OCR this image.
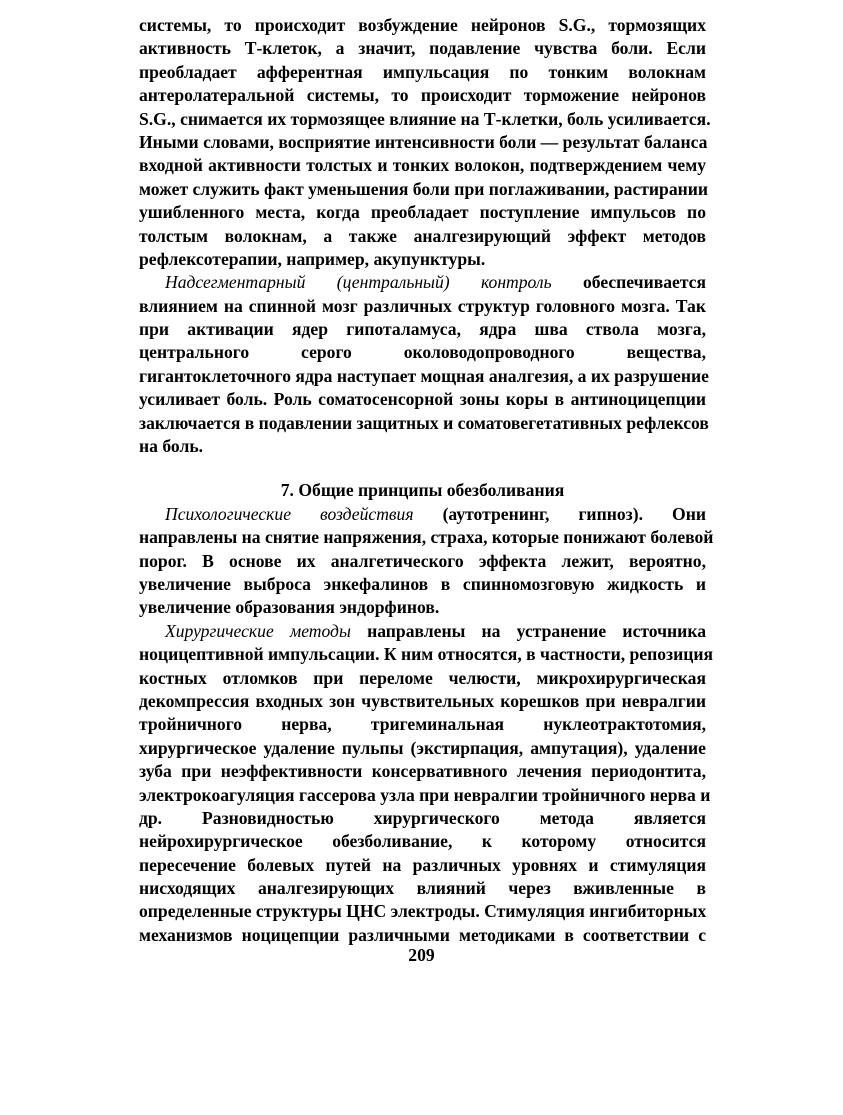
системы, то происходит возбуждение нейронов S.G., тормозящих
активность Т-клеток, а значит, подавление чувства боли. Если
преобладает афферентная импульсация по тонким волокнам
антеролатеральной системы, то происходит торможение нейронов
S.G., снимается их тормозящее влияние на Т-клетки, боль усиливается.
Иными словами, восприятие интенсивности боли — результат баланса
входной активности толстых и тонких волокон, подтверждением чему
может служить факт уменьшения боли при поглаживании, растирании
ушибленного места, когда преобладает поступление импульсов по
толстым волокнам, а также аналгезирующий эффект методов
рефлексотерапии, например, акупунктуры.
Надсегментарный (центральный) контроль обеспечивается
влиянием на спинной мозг различных структур головного мозга. Так
при активации ядер гипоталамуса, ядра шва ствола мозга,
центрального серого околоводопроводного вещества,
гигантоклеточного ядра наступает мощная аналгезия, а их разрушение
усиливает боль. Роль соматосенсорной зоны коры в антиноцицепции
заключается в подавлении защитных и соматовегетативных рефлексов
на боль.
7. Общие принципы обезболивания
Психологические воздействия (аутотренинг, гипноз). Они
направлены на снятие напряжения, страха, которые понижают болевой
порог. В основе их аналгетического эффекта лежит, вероятно,
увеличение выброса энкефалинов в спинномозговую жидкость и
увеличение образования эндорфинов.
Хирургические методы направлены на устранение источника
ноцицептивной импульсации. К ним относятся, в частности, репозиция
костных отломков при переломе челюсти, микрохирургическая
декомпрессия входных зон чувствительных корешков при невралгии
тройничного нерва, тригеминальная нуклеотрактотомия,
хирургическое удаление пульпы (экстирпация, ампутация), удаление
зуба при неэффективности консервативного лечения периодонтита,
электрокоагуляция гассерова узла при невралгии тройничного нерва и
др. Разновидностью хирургического метода является
нейрохирургическое обезболивание, к которому относится
пересечение болевых путей на различных уровнях и стимуляция
нисходящих аналгезирующих влияний через вживленные в
определенные структуры ЦНС электроды. Стимуляция ингибиторных
механизмов ноцицепции различными методиками в соответствии с
209
